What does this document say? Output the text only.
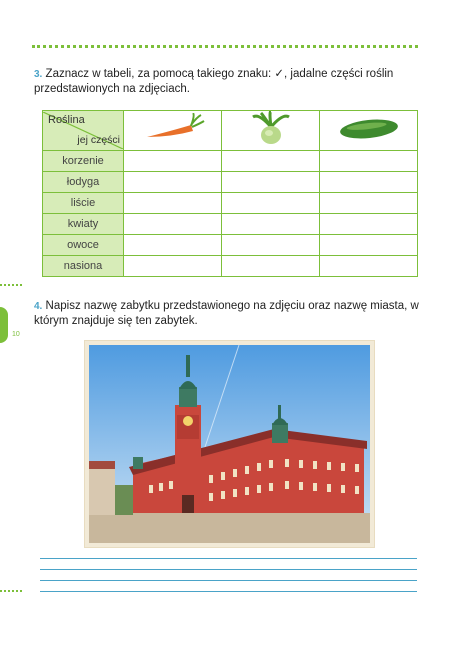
3. Zaznacz w tabeli, za pomocą takiego znaku: ✓, jadalne części roślin przedstawionych na zdjęciach.
Roślina
jej części

korzenie			
łodyga			
liście			
kwiaty			
owoce			
nasiona			
10
4. Napisz nazwę zabytku przedstawionego na zdjęciu oraz nazwę miasta, w którym znajduje się ten zabytek.
